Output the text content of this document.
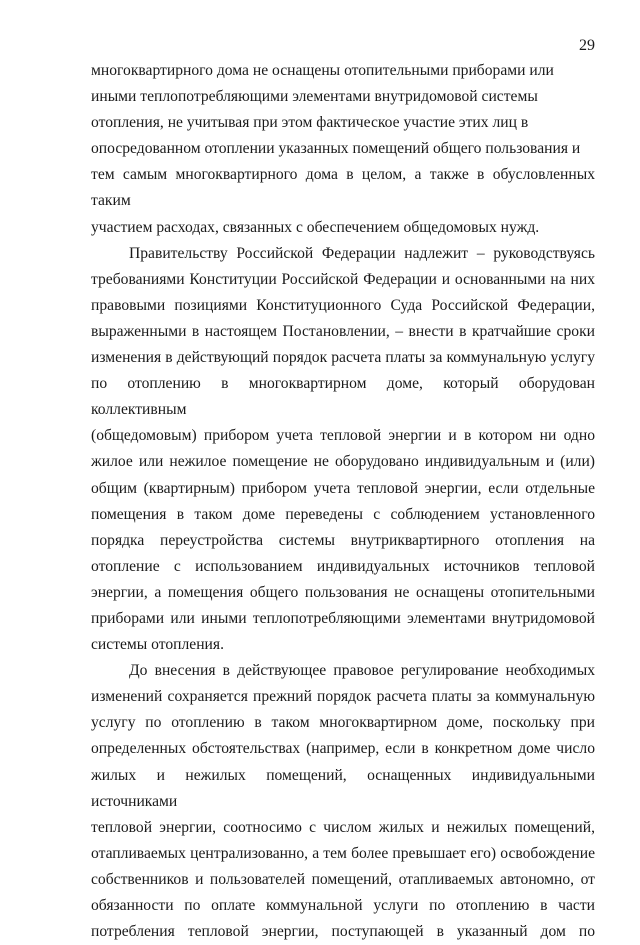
29

многоквартирного дома не оснащены отопительными приборами или
иными теплопотребляющими элементами внутридомовой системы
отопления, не учитывая при этом фактическое участие этих лиц в
опосредованном отоплении указанных помещений общего пользования и
тем самым многоквартирного дома в целом, а также в обусловленных таким
участием расходах, связанных с обеспечением общедомовых нужд.

Правительству Российской Федерации надлежит – руководствуясь
требованиями Конституции Российской Федерации и основанными на них
правовыми позициями Конституционного Суда Российской Федерации,
выраженными в настоящем Постановлении, – внести в кратчайшие сроки
изменения в действующий порядок расчета платы за коммунальную услугу
по отоплению в многоквартирном доме, который оборудован коллективным
(общедомовым) прибором учета тепловой энергии и в котором ни одно
жилое или нежилое помещение не оборудовано индивидуальным и (или)
общим (квартирным) прибором учета тепловой энергии, если отдельные
помещения в таком доме переведены с соблюдением установленного
порядка переустройства системы внутриквартирного отопления на
отопление с использованием индивидуальных источников тепловой
энергии, а помещения общего пользования не оснащены отопительными
приборами или иными теплопотребляющими элементами внутридомовой
системы отопления.

До внесения в действующее правовое регулирование необходимых
изменений сохраняется прежний порядок расчета платы за коммунальную
услугу по отоплению в таком многоквартирном доме, поскольку при
определенных обстоятельствах (например, если в конкретном доме число
жилых и нежилых помещений, оснащенных индивидуальными источниками
тепловой энергии, соотносимо с числом жилых и нежилых помещений,
отапливаемых централизованно, а тем более превышает его) освобождение
собственников и пользователей помещений, отапливаемых автономно, от
обязанности по оплате коммунальной услуги по отоплению в части
потребления тепловой энергии, поступающей в указанный дом по
